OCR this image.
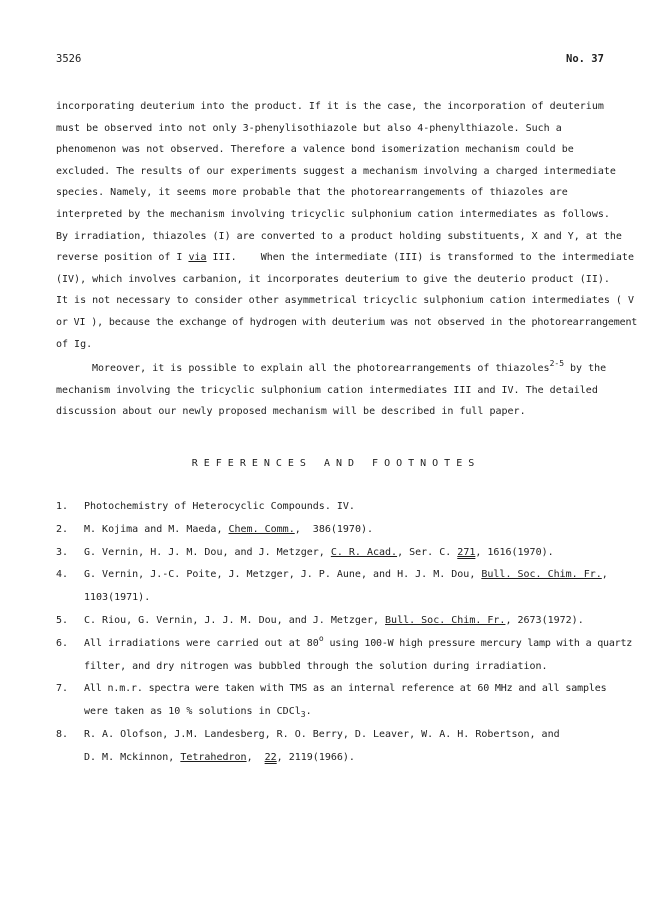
3526	No. 37
incorporating deuterium into the product. If it is the case, the incorporation of deuterium
must be observed into not only 3-phenylisothiazole but also 4-phenylthiazole. Such a
phenomenon was not observed. Therefore a valence bond isomerization mechanism could be
excluded. The results of our experiments suggest a mechanism involving a charged intermediate
species. Namely, it seems more probable that the photorearrangements of thiazoles are
interpreted by the mechanism involving tricyclic sulphonium cation intermediates as follows.
By irradiation, thiazoles (I) are converted to a product holding substituents, X and Y, at the
reverse position of I via III.    When the intermediate (III) is transformed to the intermediate
(IV), which involves carbanion, it incorporates deuterium to give the deuterio product (II).
It is not necessary to consider other asymmetrical tricyclic sulphonium cation intermediates ( V
or VI ), because the exchange of hydrogen with deuterium was not observed in the photorearrangement
of Ig.
Moreover, it is possible to explain all the photorearrangements of thiazoles$^{2-5}$ by the
mechanism involving the tricyclic sulphonium cation intermediates III and IV. The detailed
discussion about our newly proposed mechanism will be described in full paper.
REFERENCES AND FOOTNOTES
1.	Photochemistry of Heterocyclic Compounds. IV.
2.	M. Kojima and M. Maeda, Chem. Comm.,  386(1970).
3.	G. Vernin, H. J. M. Dou, and J. Metzger, C. R. Acad., Ser. C. 271, 1616(1970).
4.	G. Vernin, J.-C. Poite, J. Metzger, J. P. Aune, and H. J. M. Dou, Bull. Soc. Chim. Fr.,
1103(1971).
5.	C. Riou, G. Vernin, J. J. M. Dou, and J. Metzger, Bull. Soc. Chim. Fr., 2673(1972).
6.	All irradiations were carried out at 80$^o$ using 100-W high pressure mercury lamp with a quartz
filter, and dry nitrogen was bubbled through the solution during irradiation.
7.	All n.m.r. spectra were taken with TMS as an internal reference at 60 MHz and all samples
were taken as 10 % solutions in CDCl$_3$.
8.	R. A. Olofson, J.M. Landesberg, R. O. Berry, D. Leaver, W. A. H. Robertson, and
D. M. Mckinnon, Tetrahedron,  22, 2119(1966).
